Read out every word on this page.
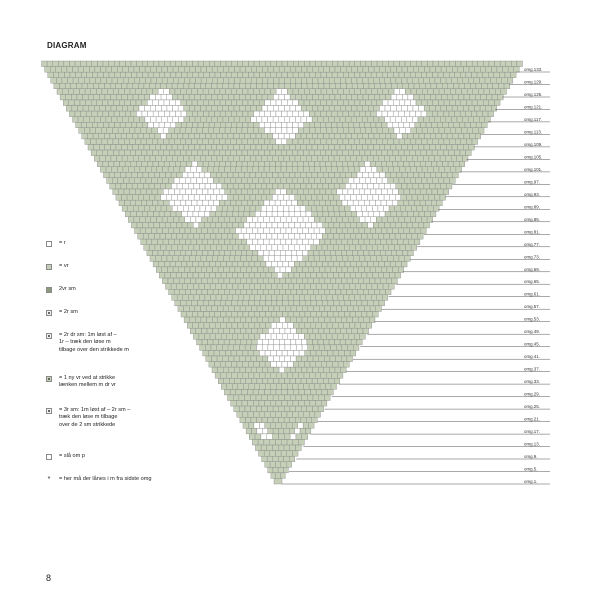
DIAGRAM
omg.133.
omg.129.
omg.125.
omg.121.
omg.117.
omg.113.
omg.109.
omg.105.
omg.101.
omg.97.
omg.93.
omg.89.
omg.85.
omg.81.
omg.77.
omg.73.
omg.69.
omg.65.
omg.61.
omg.57.
omg.53.
omg.49.
omg.45.
omg.41.
omg.37.
omg.33.
omg.29.
omg.25.
omg.21.
omg.17.
omg.13.
omg.9.
omg.5.
omg.1.
= r
= vr
2vr sm
= 2r sm
= 2r dr sm: 1m løst af –
1r – træk den løse m
tilbage over den strikkede m
= 1 ny vr ved at strikke
lænken mellem m dr vr
= 3r sm: 1m løst af – 2r sm –
træk den løse m tilbage
over de 2 sm strikkede
= slå om p
* = her må der lånes i m fra sidste omg
8
